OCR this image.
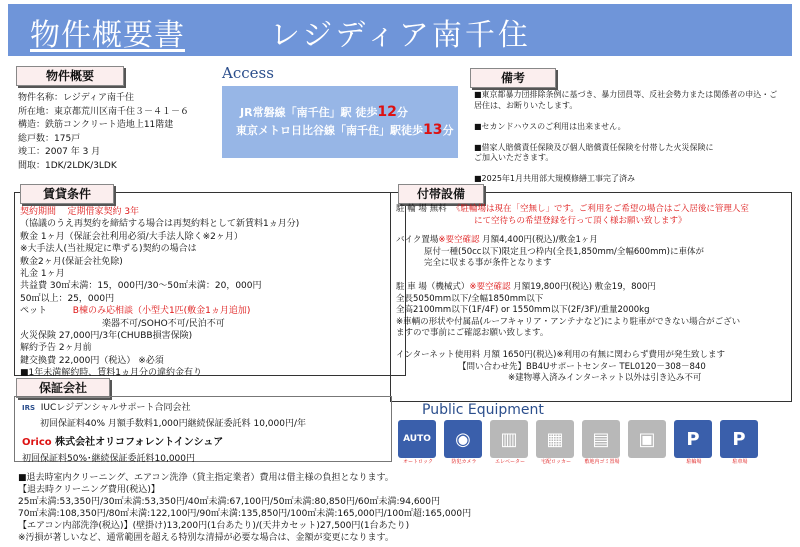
物件概要書	レジディア南千住
物件概要
物件名称：レジディア南千住
所在地：東京都荒川区南千住３－４１－６
構造：鉄筋コンクリート造地上11階建
総戸数：175戸
竣工：2007 年 3 月
間取：1DK/2LDK/3LDK
Access
JR常磐線「南千住」駅 徒歩12分
東京メトロ日比谷線「南千住」駅徒歩13分
備考
■東京都暴力団排除条例に基づき、暴力団員等、反社会勢力または関係者の申込・ご
居住は、お断りいたします。

■セカンドハウスのご利用は出来ません。

■借家人賠償責任保険及び個人賠償責任保険を付帯した火災保険に
ご加入いただきます。

■2025年1月共用部大規模修繕工事完了済み
賃貸条件
契約期間 定期借家契約 3年
（協議のうえ再契約を締結する場合は再契約料として新賃料1ヵ月分)
敷金 1ヶ月（保証会社利用必須/大手法人除く※2ヶ月）
※大手法人(当社規定に準ずる)契約の場合は
敷金2ヶ月(保証会社免除)
礼金 1ヶ月
共益費 30㎡未満：15，000円/30～50㎡未満：20，000円
50㎡以上：25，000円
ペット	B棟のみ応相談（小型犬1匹(敷金1ヵ月追加)
楽器不可/SOHO不可/民泊不可
火災保険 27,000円/3年(CHUBB損害保険)
解約予告 2ヶ月前
鍵交換費 22,000円（税込） ※必須
■1年未満解約時、賃料1ヵ月分の違約金有り
付帯設備
駐 輪 場 無料 《駐輪場は現在「空無し」です。ご利用をご希望の場合はご入居後に管理人室
にて空待ちの希望登録を行って頂く様お願い致します》
バイク置場※要空確認 月額4,400円(税込)/敷金1ヶ月
原付一種(50cc以下)限定且つ枠内(全長1,850mm/全幅600mm)に車体が
完全に収まる事が条件となります
駐 車 場（機械式）※要空確認 月額19,800円(税込) 敷金19，800円
全長5050mm以下/全幅1850mm以下
全高2100mm以下(1F/4F) or 1550mm以下(2F/3F)/重量2000kg
※車輌の形状や付属品(ルーフキャリア・アンテナなど)により駐車ができない場合がござい
ますので事前にご確認お願い致します。
インターネット使用料 月額 1650円(税込)※利用の有無に関わらず費用が発生致します
【問い合わせ先】BB4Uサポートセンター TEL0120－308－840
※建物導入済みインターネット以外は引き込み不可
保証会社
IRS IUCレジデンシャルサポート合同会社
初回保証料40% 月額手数料1,000円継続保証委託料 10,000円/年
Orico 株式会社オリコフォレントインシュア
初回保証料50%･継続保証委託料10,000円
Public Equipment
AUTO
オートロック
◉
防犯カメラ
▥
エレベーター
▦
宅配ロッカー
▤
敷地内ゴミ置場
▣	P
駐輪場
P
駐車場
■退去時室内クリーニング、エアコン洗浄（貸主指定業者）費用は借主様の負担となります。
【退去時クリーニング費用(税込)】
25㎡未満:53,350円/30㎡未満:53,350円/40㎡未満:67,100円/50㎡未満:80,850円/60㎡未満:94,600円
70㎡未満:108,350円/80㎡未満:122,100円/90㎡未満:135,850円/100㎡未満:165,000円/100㎡超:165,000円
【エアコン内部洗浄(税込)】(壁掛け)13,200円(1台あたり)/(天井カセット)27,500円(1台あたり)
※汚損が著しいなど、通常範囲を超える特別な清掃が必要な場合は、金額が変更になります。
